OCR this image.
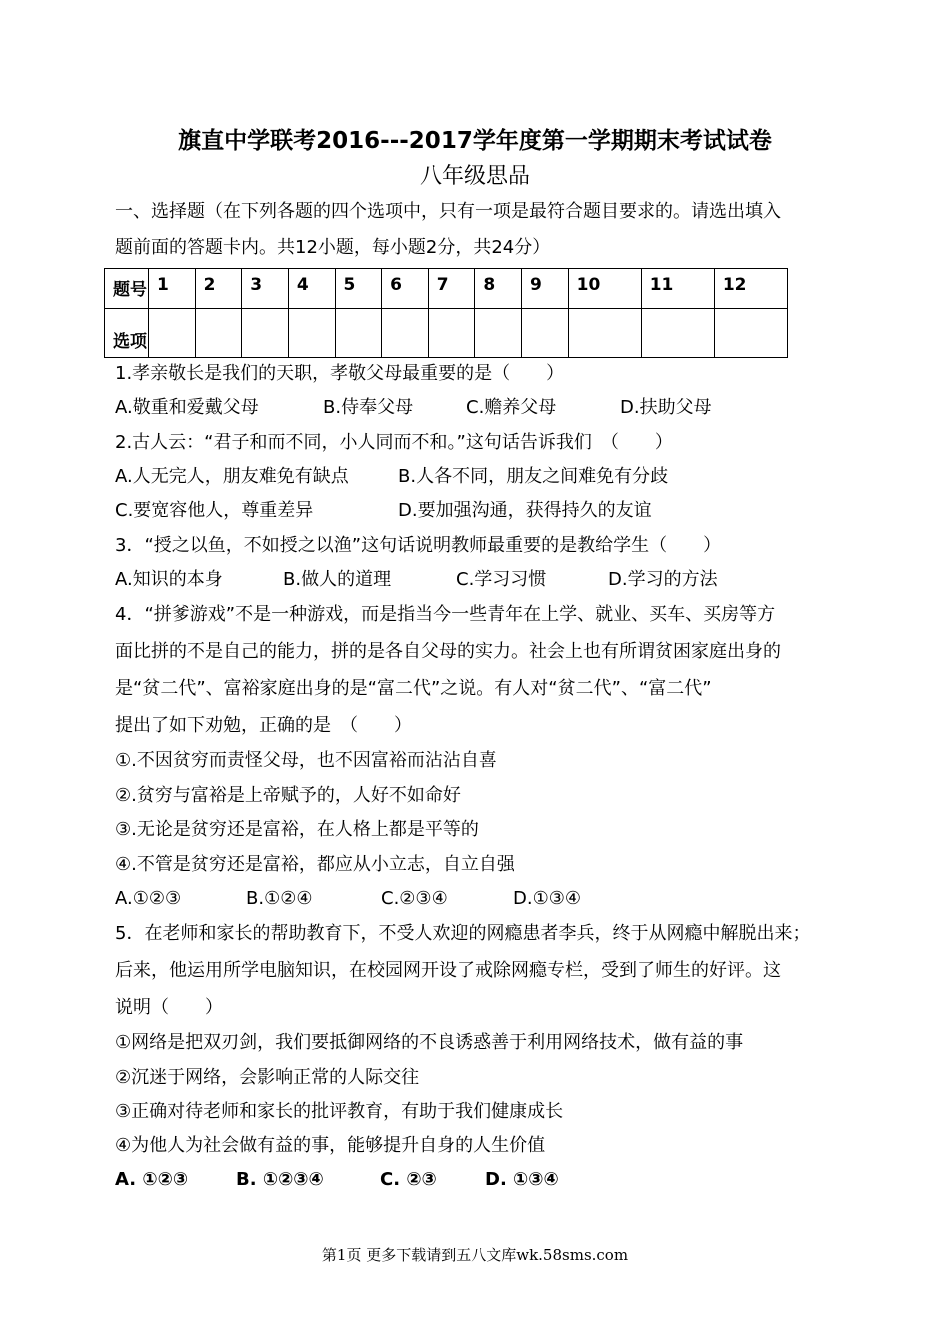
旗直中学联考2016---2017学年度第一学期期末考试试卷
八年级思品
一、选择题（在下列各题的四个选项中，只有一项是最符合题目要求的。请选出填入
题前面的答题卡内。共12小题，每小题2分，共24分）
题号	1	2	3	4	5	6	7	8	9	10	11	12
选项												
1.孝亲敬长是我们的天职，孝敬父母最重要的是（　　）
A.敬重和爱戴父母	B.侍奉父母	C.赡养父母	D.扶助父母
2.古人云：“君子和而不同，小人同而不和。”这句话告诉我们　（　　）
A.人无完人，朋友难免有缺点	B.人各不同，朋友之间难免有分歧
C.要宽容他人，尊重差异	D.要加强沟通，获得持久的友谊
3．“授之以鱼，不如授之以渔”这句话说明教师最重要的是教给学生（　　）
A.知识的本身	B.做人的道理	C.学习习惯	D.学习的方法
4．“拼爹游戏”不是一种游戏，而是指当今一些青年在上学、就业、买车、买房等方
面比拼的不是自己的能力，拼的是各自父母的实力。社会上也有所谓贫困家庭出身的
是“贫二代”、富裕家庭出身的是“富二代”之说。有人对“贫二代”、“富二代”
提出了如下劝勉，正确的是　（　　）
①.不因贫穷而责怪父母，也不因富裕而沾沾自喜
②.贫穷与富裕是上帝赋予的，人好不如命好
③.无论是贫穷还是富裕，在人格上都是平等的
④.不管是贫穷还是富裕，都应从小立志，自立自强
A.①②③	B.①②④	C.②③④	D.①③④
5．在老师和家长的帮助教育下，不受人欢迎的网瘾患者李兵，终于从网瘾中解脱出来；
后来，他运用所学电脑知识，在校园网开设了戒除网瘾专栏，受到了师生的好评。这
说明（　　）
①网络是把双刃剑，我们要抵御网络的不良诱惑善于利用网络技术，做有益的事
②沉迷于网络，会影响正常的人际交往
③正确对待老师和家长的批评教育，有助于我们健康成长
④为他人为社会做有益的事，能够提升自身的人生价值
A. ①②③	B. ①②③④	C. ②③	D. ①③④
第1页 更多下载请到五八文库wk.58sms.com
